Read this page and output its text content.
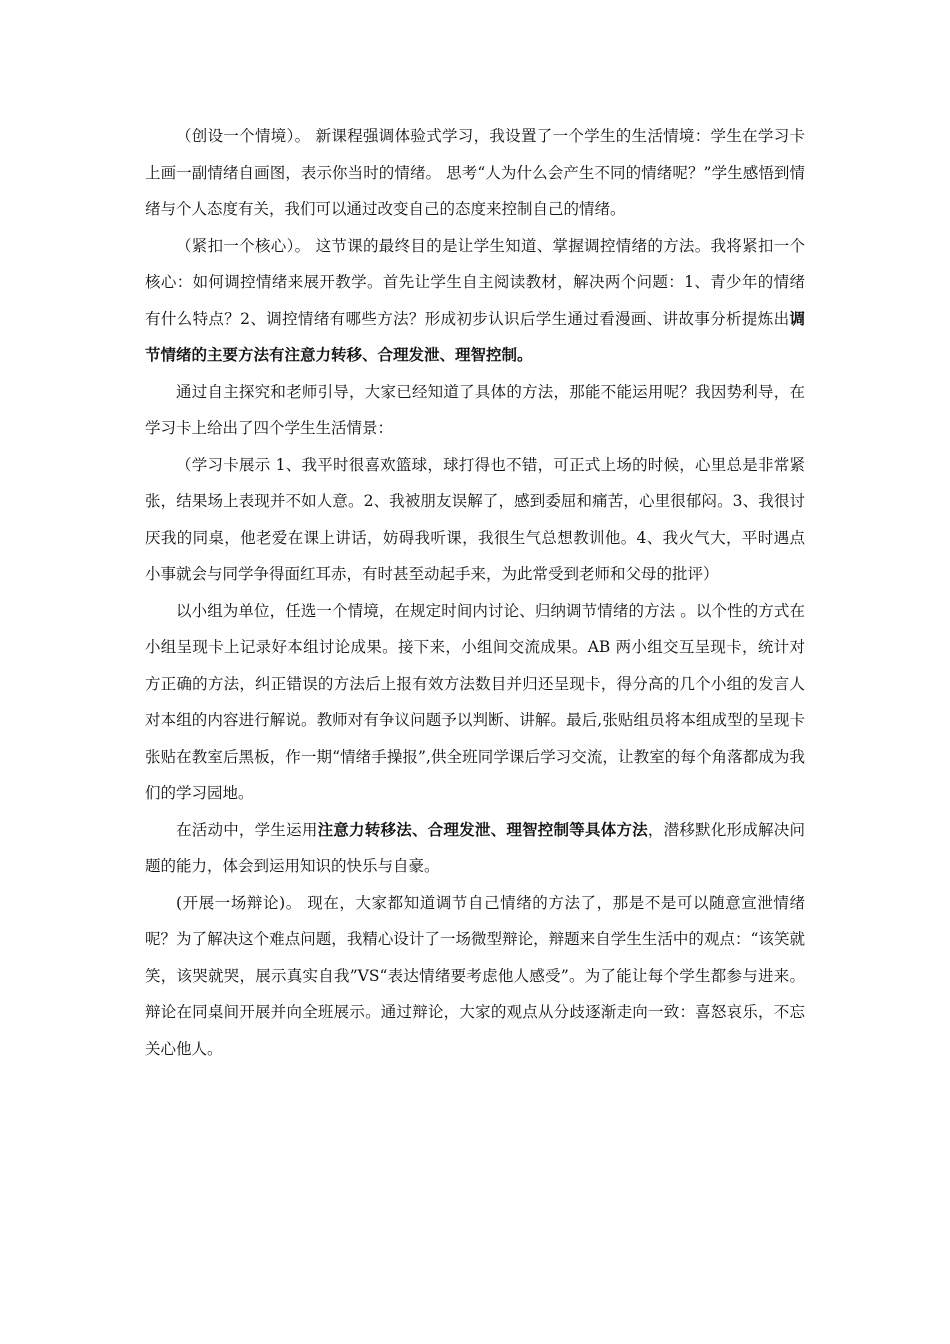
（创设一个情境）。 新课程强调体验式学习，我设置了一个学生的生活情境：学生在学习卡上画一副情绪自画图，表示你当时的情绪。 思考“人为什么会产生不同的情绪呢？”学生感悟到情绪与个人态度有关，我们可以通过改变自己的态度来控制自己的情绪。

（紧扣一个核心）。 这节课的最终目的是让学生知道、掌握调控情绪的方法。我将紧扣一个核心：如何调控情绪来展开教学。首先让学生自主阅读教材，解决两个问题：1、青少年的情绪有什么特点？2、调控情绪有哪些方法？形成初步认识后学生通过看漫画、讲故事分析提炼出调节情绪的主要方法有注意力转移、合理发泄、理智控制。

通过自主探究和老师引导，大家已经知道了具体的方法，那能不能运用呢？我因势利导，在学习卡上给出了四个学生生活情景：

（学习卡展示 1、我平时很喜欢篮球，球打得也不错，可正式上场的时候，心里总是非常紧张，结果场上表现并不如人意。2、我被朋友误解了，感到委屈和痛苦，心里很郁闷。3、我很讨厌我的同桌，他老爱在课上讲话，妨碍我听课，我很生气总想教训他。4、我火气大，平时遇点小事就会与同学争得面红耳赤，有时甚至动起手来，为此常受到老师和父母的批评）

以小组为单位，任选一个情境，在规定时间内讨论、归纳调节情绪的方法 。以个性的方式在小组呈现卡上记录好本组讨论成果。接下来，小组间交流成果。AB 两小组交互呈现卡，统计对方正确的方法，纠正错误的方法后上报有效方法数目并归还呈现卡，得分高的几个小组的发言人对本组的内容进行解说。教师对有争议问题予以判断、讲解。最后,张贴组员将本组成型的呈现卡张贴在教室后黑板，作一期“情绪手操报”,供全班同学课后学习交流，让教室的每个角落都成为我们的学习园地。

在活动中，学生运用注意力转移法、合理发泄、理智控制等具体方法，潜移默化形成解决问题的能力，体会到运用知识的快乐与自豪。

(开展一场辩论)。 现在，大家都知道调节自己情绪的方法了，那是不是可以随意宣泄情绪呢？为了解决这个难点问题，我精心设计了一场微型辩论，辩题来自学生生活中的观点：“该笑就笑，该哭就哭，展示真实自我”VS“表达情绪要考虑他人感受”。为了能让每个学生都参与进来。辩论在同桌间开展并向全班展示。通过辩论，大家的观点从分歧逐渐走向一致：喜怒哀乐，不忘关心他人。
